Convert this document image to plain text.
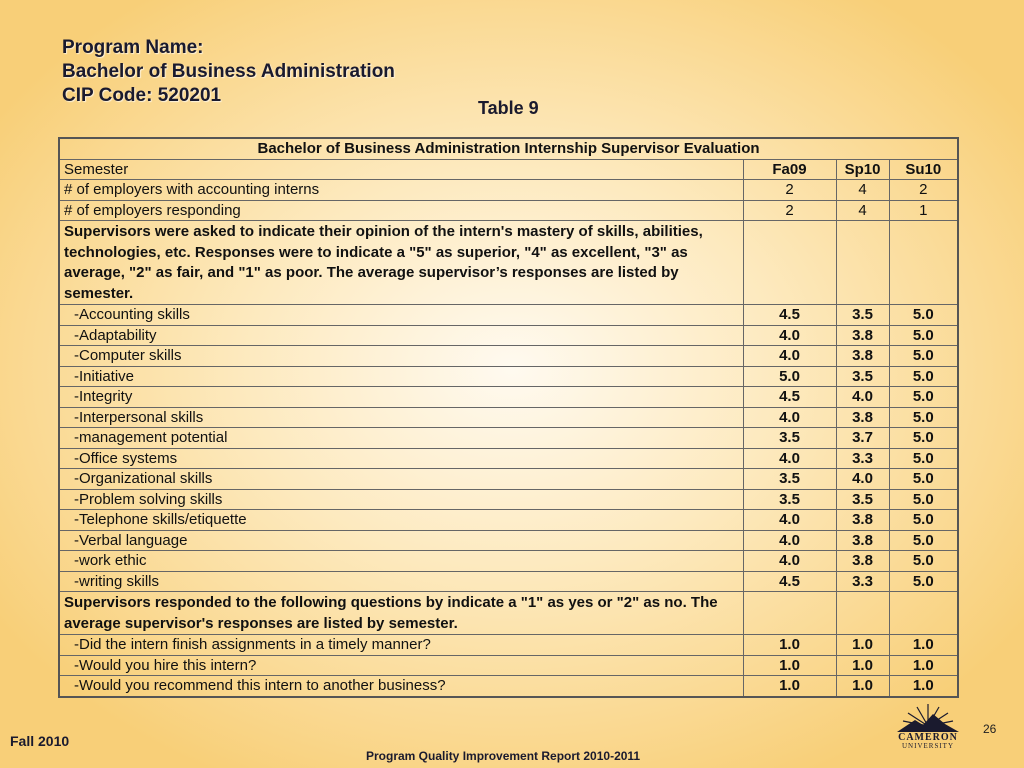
Program Name:
Bachelor of Business Administration
CIP Code: 520201
Table 9
Bachelor of Business Administration Internship Supervisor Evaluation			
Semester	Fa09	Sp10	Su10
# of employers with accounting interns	2	4	2
# of employers responding	2	4	1
Supervisors were asked to indicate their opinion of the intern's mastery of skills, abilities, technologies, etc. Responses were to indicate a "5" as superior, "4" as excellent, "3" as average, "2" as fair, and "1" as poor. The average supervisor’s responses are listed by semester.			
-Accounting skills	4.5	3.5	5.0
-Adaptability	4.0	3.8	5.0
-Computer skills	4.0	3.8	5.0
-Initiative	5.0	3.5	5.0
-Integrity	4.5	4.0	5.0
-Interpersonal skills	4.0	3.8	5.0
-management potential	3.5	3.7	5.0
-Office systems	4.0	3.3	5.0
-Organizational skills	3.5	4.0	5.0
-Problem solving skills	3.5	3.5	5.0
-Telephone skills/etiquette	4.0	3.8	5.0
-Verbal language	4.0	3.8	5.0
-work ethic	4.0	3.8	5.0
-writing skills	4.5	3.3	5.0
Supervisors responded to the following questions by indicate a "1" as yes or "2" as no. The average supervisor's responses are listed by semester.			
-Did the intern finish assignments in a timely manner?	1.0	1.0	1.0
-Would you hire this intern?	1.0	1.0	1.0
-Would you recommend this intern to another business?	1.0	1.0	1.0
Fall 2010
Program Quality Improvement Report 2010-2011
26
CAMERON
UNIVERSITY
